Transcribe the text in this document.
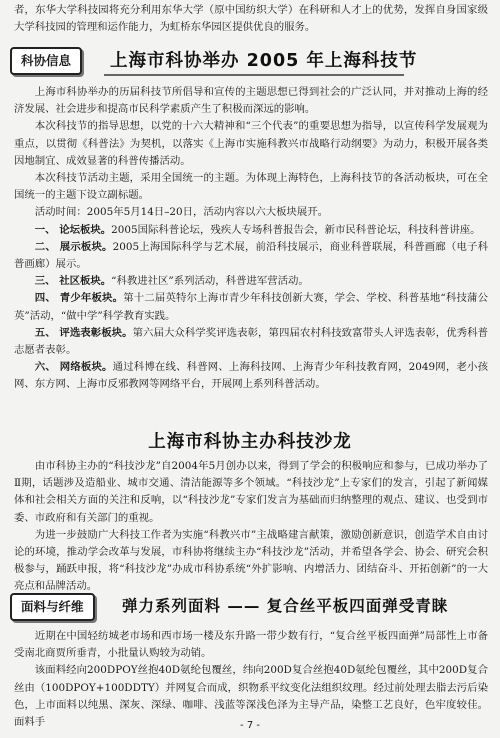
者，东华大学科技园将充分利用东华大学（原中国纺织大学）在科研和人才上的优势，发挥自身国家级大学科技园的管理和运作能力，为虹桥东华园区提供优良的服务。

科协信息	上海市科协举办 2005 年上海科技节

上海市科协举办的历届科技节所倡导和宣传的主题思想已得到社会的广泛认同，并对推动上海的经济发展、社会进步和提高市民科学素质产生了积极而深远的影响。

本次科技节的指导思想，以党的十六大精神和“三个代表”的重要思想为指导，以宣传科学发展观为重点，以贯彻《科普法》为契机，以落实《上海市实施科教兴市战略行动纲要》为动力，积极开展各类因地制宜、成效显著的科普传播活动。

本次科技节活动主题，采用全国统一的主题。为体现上海特色，上海科技节的各活动板块，可在全国统一的主题下设立副标题。

活动时间：2005年5月14日–20日，活动内容以六大板块展开。

一、 论坛板块。2005国际科普论坛，残疾人专场科普报告会，新市民科普论坛，科技科普讲座。

二、 展示板块。2005上海国际科学与艺术展，前沿科技展示，商业科普联展，科普画廊（电子科普画廊）展示。

三、 社区板块。“科教进社区”系列活动，科普进军营活动。

四、 青少年板块。第十二届英特尔上海市青少年科技创新大赛，学会、学校、科普基地“科技蒲公英”活动，“做中学”科学教育实践。

五、 评选表彰板块。第六届大众科学奖评选表彰，第四届农村科技致富带头人评选表彰，优秀科普志愿者表彰。

六、 网络板块。通过科博在线、科普网、上海科技网、上海青少年科技教育网，2049网，老小孩网、东方网、上海市反邪教网等网络平台，开展网上系列科普活动。

上海市科协主办科技沙龙

由市科协主办的“科技沙龙”自2004年5月创办以来，得到了学会的积极响应和参与，已成功举办了Ⅱ期，话题涉及造船业、城市交通、清洁能源等多个领域。“科技沙龙”上专家们的发言，引起了新闻媒体和社会相关方面的关注和反响，以“科技沙龙”专家们发言为基础而归纳整理的观点、建议、也受到市委、市政府和有关部门的重视。

为进一步鼓励广大科技工作者为实施“科教兴市”主战略建言献策，激励创新意识，创造学术自由讨论的环境，推动学会改革与发展，市科协将继续主办“科技沙龙”活动，并希望各学会、协会、研究会积极参与，踊跃申报，将“科技沙龙”办成市科协系统“外扩影响、内增活力、团结奋斗、开拓创新”的一大亮点和品牌活动。

面料与纤维	弹力系列面料 —— 复合丝平板四面弹受青睐

近期在中国轻纺城老市场和西市场一楼及东升路一带少数有行，“复合丝平板四面弹”局部性上市备受南北商贾所垂青，小批量认购较为动销。

该面料经向200DPOY丝抱40D氨纶包覆丝，纬向200D复合丝抱40D氨纶包覆丝，其中200D复合丝由（100DPOY+100DDTY）并网复合而成，织物系平纹变化法组织纹理。经过前处理去脂去污后染色，上市面料以纯黑、深灰、深绿、咖啡、浅蓝等深浅色泽为主导产品，染整工艺良好，色牢度较佳。面料手	- 7 -
